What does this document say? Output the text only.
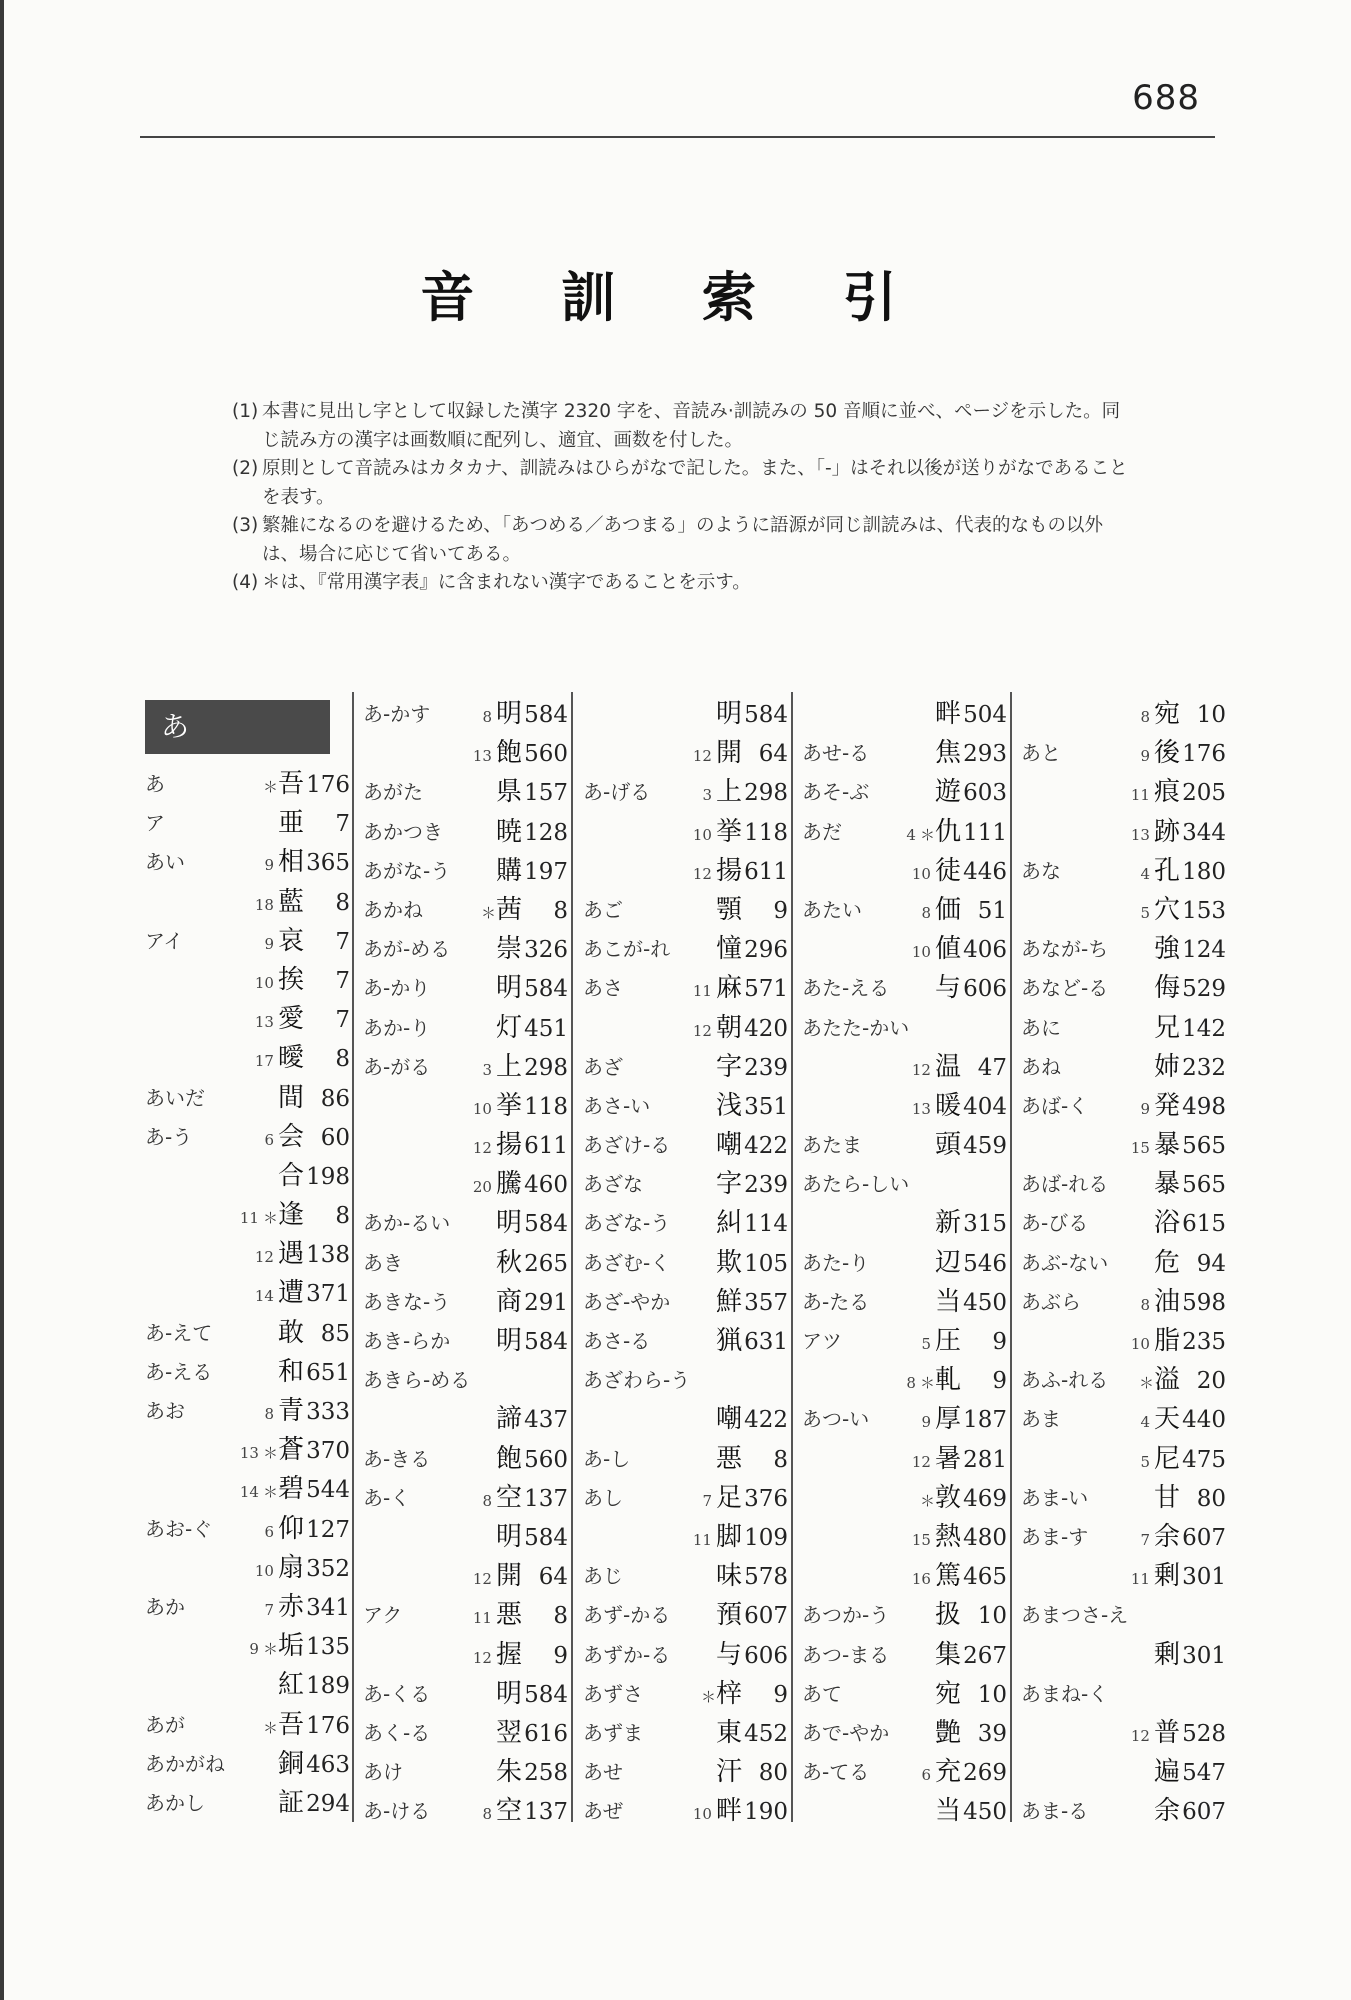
688
音 訓 索 引

(1) 本書に見出し字として収録した漢字 2320 字を、音読み·訓読みの 50 音順に並べ、ページを示した。同じ読み方の漢字は画数順に配列し、適宜、画数を付した。

(2) 原則として音読みはカタカナ、訓読みはひらがなで記した。また、「-」はそれ以後が送りがなであることを表す。

(3) 繁雑になるのを避けるため、「あつめる／あつまる」のように語源が同じ訓読みは、代表的なもの以外は、場合に応じて省いてある。

(4) ＊は、『常用漢字表』に含まれない漢字であることを示す。

あ
あ	＊ 吾 176
ア	亜	7
あい	9 相 365
18 藍	8
アイ	9 哀	7
10 挨	7
13 愛	7
17 曖	8
あいだ	間 86
あ-う	6 会 60
合 198
11 ＊ 逢	8
12 遇 138
14 遭 371
あ-えて	敢 85
あ-える	和 651
あお	8 青 333
13 ＊ 蒼 370
14 ＊ 碧 544
あお-ぐ	6 仰 127
10 扇 352
あか	7 赤 341
9 ＊ 垢 135
紅 189
あが	＊ 吾 176
あかがね 銅 463
あかし	証 294
あ-かす	8 明 584
13 飽 560
あがた	県 157
あかつき 暁 128
あがな-う 購 197
あかね	＊ 茜	8
あが-める 崇 326
あ-かり	明 584
あか-り	灯 451
あ-がる	3 上 298
10 挙 118
12 揚 611
20 騰 460
あか-るい 明 584
あき	秋 265
あきな-う 商 291
あき-らか 明 584
あきら-める
諦 437
あ-きる	飽 560
あ-く	8 空 137
明 584
12 開 64
アク	11 悪	8
12 握	9
あ-くる	明 584
あく-る	翌 616
あけ	朱 258
あ-ける	8 空 137
明 584
12 開 64
あ-げる	3 上 298
10 挙 118
12 揚 611
あご	顎	9
あこが-れ 憧 296
あさ	11 麻 571
12 朝 420
あざ	字 239
あさ-い	浅 351
あざけ-る 嘲 422
あざな	字 239
あざな-う 糾 114
あざむ-く 欺 105
あざ-やか 鮮 357
あさ-る	猟 631
あざわら-う
嘲 422
あ-し	悪	8
あし	7 足 376
11 脚 109
あじ	味 578
あず-かる 預 607
あずか-る 与 606
あずさ	＊ 梓	9
あずま	東 452
あせ	汗 80
あぜ	10 畔 190
畔 504
あせ-る	焦 293
あそ-ぶ	遊 603
あだ	4 ＊ 仇 111
10 徒 446
あたい	8 価 51
10 値 406
あた-える 与 606
あたた-かい
12 温 47
13 暖 404
あたま	頭 459
あたら-しい
新 315
あた-り	辺 546
あ-たる	当 450
アツ	5 圧	9
8 ＊ 軋	9
あつ-い	9 厚 187
12 暑 281
＊ 敦 469
15 熱 480
16 篤 465
あつか-う 扱 10
あつ-まる 集 267
あて	宛 10
あで-やか 艶 39
あ-てる	6 充 269
当 450
8 宛 10
あと	9 後 176
11 痕 205
13 跡 344
あな	4 孔 180
5 穴 153
あなが-ち 強 124
あなど-る 侮 529
あに	兄 142
あね	姉 232
あば-く	9 発 498
15 暴 565
あば-れる 暴 565
あ-びる	浴 615
あぶ-ない 危 94
あぶら	8 油 598
10 脂 235
あふ-れる ＊ 溢 20
あま	4 天 440
5 尼 475
あま-い	甘 80
あま-す	7 余 607
11 剰 301
あまつさ-え
剰 301
あまね-く
12 普 528
遍 547
あま-る	余 607
